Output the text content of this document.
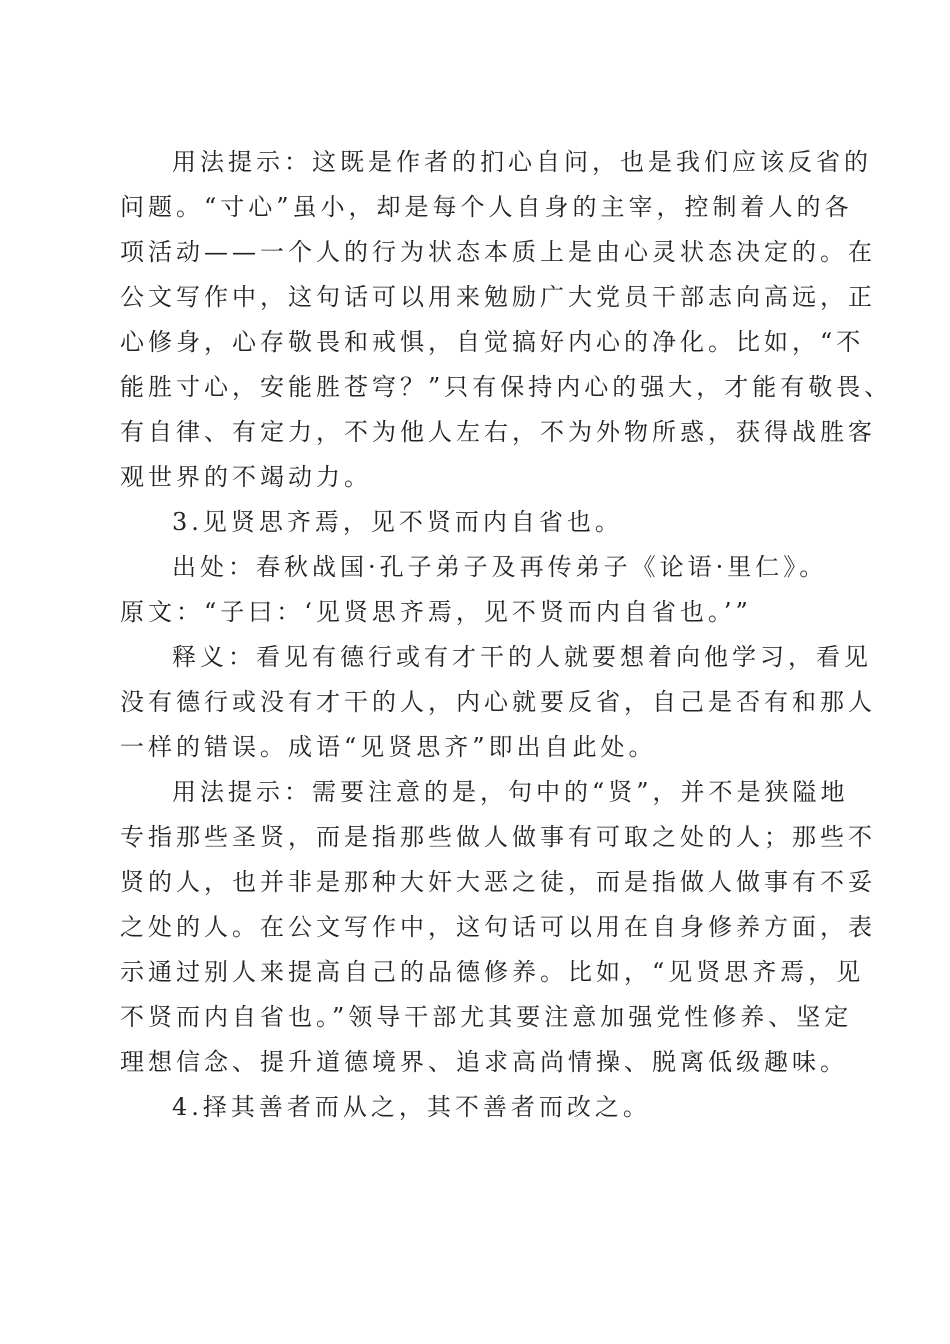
用法提示：这既是作者的扪心自问，也是我们应该反省的
问题。“寸心”虽小，却是每个人自身的主宰，控制着人的各
项活动——一个人的行为状态本质上是由心灵状态决定的。在
公文写作中，这句话可以用来勉励广大党员干部志向高远，正
心修身，心存敬畏和戒惧，自觉搞好内心的净化。比如，“不
能胜寸心，安能胜苍穹？”只有保持内心的强大，才能有敬畏、
有自律、有定力，不为他人左右，不为外物所惑，获得战胜客
观世界的不竭动力。
3.见贤思齐焉，见不贤而内自省也。
出处：春秋战国·孔子弟子及再传弟子《论语·里仁》。
原文：“子曰：‘见贤思齐焉，见不贤而内自省也。’”
释义：看见有德行或有才干的人就要想着向他学习，看见
没有德行或没有才干的人，内心就要反省，自己是否有和那人
一样的错误。成语“见贤思齐”即出自此处。
用法提示：需要注意的是，句中的“贤”，并不是狭隘地
专指那些圣贤，而是指那些做人做事有可取之处的人；那些不
贤的人，也并非是那种大奸大恶之徒，而是指做人做事有不妥
之处的人。在公文写作中，这句话可以用在自身修养方面，表
示通过别人来提高自己的品德修养。比如，“见贤思齐焉，见
不贤而内自省也。”领导干部尤其要注意加强党性修养、坚定
理想信念、提升道德境界、追求高尚情操、脱离低级趣味。
4.择其善者而从之，其不善者而改之。
